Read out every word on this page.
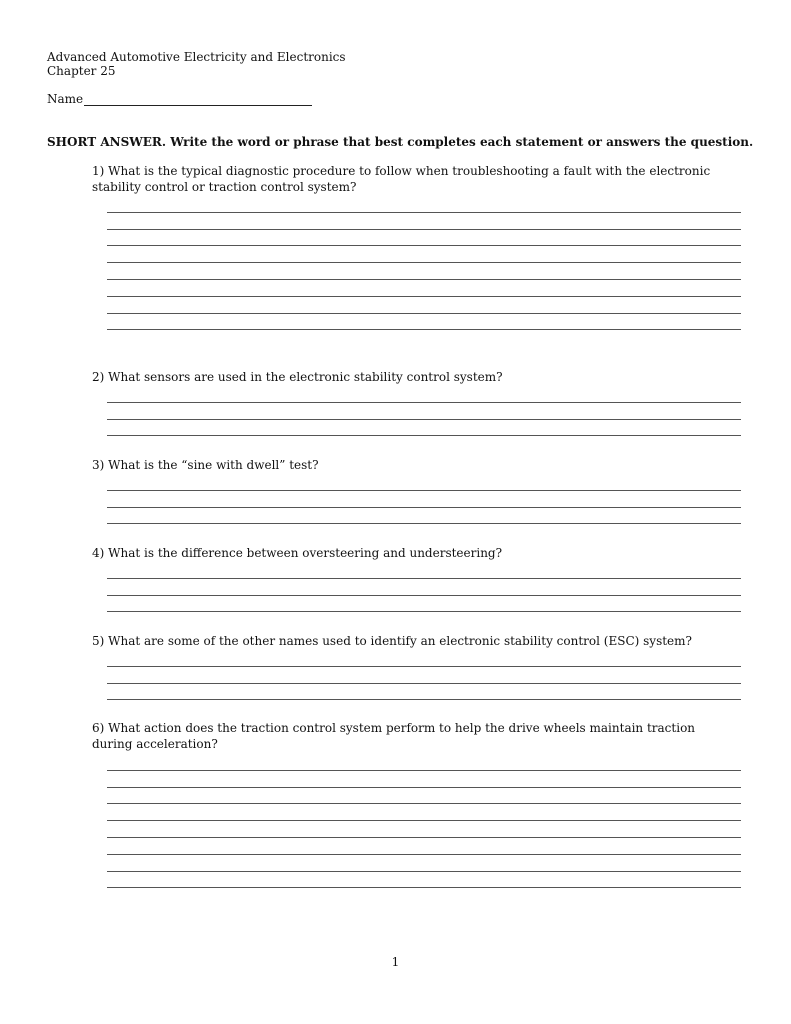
Advanced Automotive Electricity and Electronics
Chapter 25
Name
SHORT ANSWER. Write the word or phrase that best completes each statement or answers the question.
1) What is the typical diagnostic procedure to follow when troubleshooting a fault with the electronic stability control or traction control system?
2) What sensors are used in the electronic stability control system?
3) What is the “sine with dwell” test?
4) What is the difference between oversteering and understeering?
5) What are some of the other names used to identify an electronic stability control (ESC) system?
6) What action does the traction control system perform to help the drive wheels maintain traction during acceleration?
1
